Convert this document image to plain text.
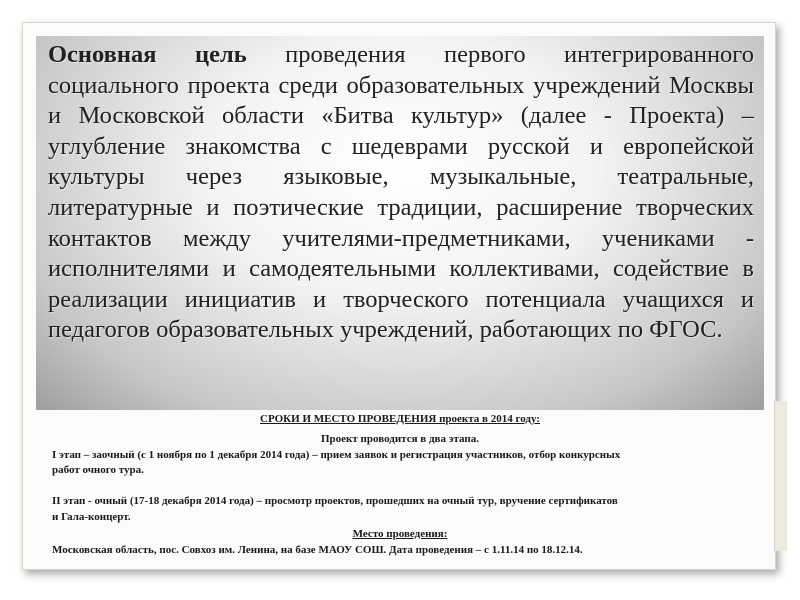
Основная цель проведения первого интегрированного социального проекта среди образовательных учреждений Москвы и Московской области «Битва культур» (далее - Проекта) – углубление знакомства с шедеврами русской и европейской культуры через языковые, музыкальные, театральные, литературные и поэтические традиции, расширение творческих контактов между учителями-предметниками, учениками - исполнителями и самодеятельными коллективами, содействие в реализации инициатив и творческого потенциала учащихся и педагогов образовательных учреждений, работающих по ФГОС.

СРОКИ И МЕСТО ПРОВЕДЕНИЯ проекта в 2014 году:

Проект проводится в два этапа.

I этап – заочный (с 1 ноября по 1 декабря 2014 года) – прием заявок и регистрация участников, отбор конкурсных

работ очного тура.

II этап - очный (17-18 декабря 2014 года) – просмотр проектов, прошедших на очный тур, вручение сертификатов

и Гала-концерт.

Место проведения:

Московская область, пос. Совхоз им. Ленина, на базе МАОУ СОШ. Дата проведения – с 1.11.14 по 18.12.14.
